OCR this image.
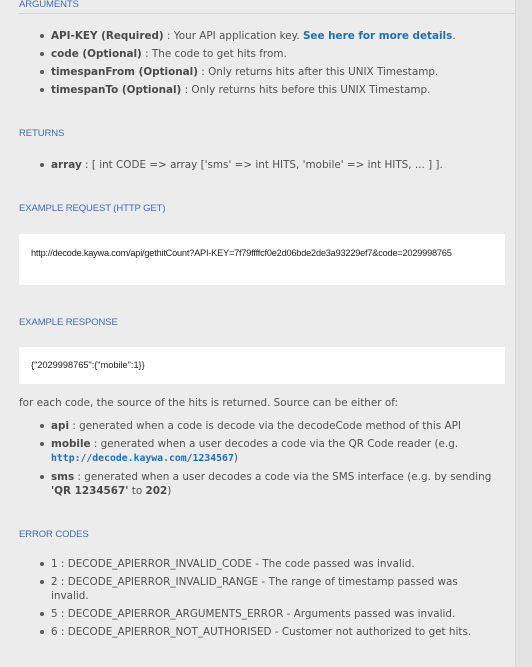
ARGUMENTS
API-KEY (Required) : Your API application key. See here for more details.
code (Optional) : The code to get hits from.
timespanFrom (Optional) : Only returns hits after this UNIX Timestamp.
timespanTo (Optional) : Only returns hits before this UNIX Timestamp.
RETURNS
array : [ int CODE => array ['sms' => int HITS, 'mobile' => int HITS, ... ] ].
EXAMPLE REQUEST (HTTP GET)
http://decode.kaywa.com/api/gethitCount?API-KEY=7f79ffffcf0e2d06bde2de3a93229ef7&code=2029998765
EXAMPLE RESPONSE
{"2029998765":{"mobile":1}}
for each code, the source of the hits is returned. Source can be either of:
api : generated when a code is decode via the decodeCode method of this API
mobile : generated when a user decodes a code via the QR Code reader (e.g. http://decode.kaywa.com/1234567)
sms : generated when a user decodes a code via the SMS interface (e.g. by sending 'QR 1234567' to 202)
ERROR CODES
1 : DECODE_APIERROR_INVALID_CODE - The code passed was invalid.
2 : DECODE_APIERROR_INVALID_RANGE - The range of timestamp passed was invalid.
5 : DECODE_APIERROR_ARGUMENTS_ERROR - Arguments passed was invalid.
6 : DECODE_APIERROR_NOT_AUTHORISED - Customer not authorized to get hits.
